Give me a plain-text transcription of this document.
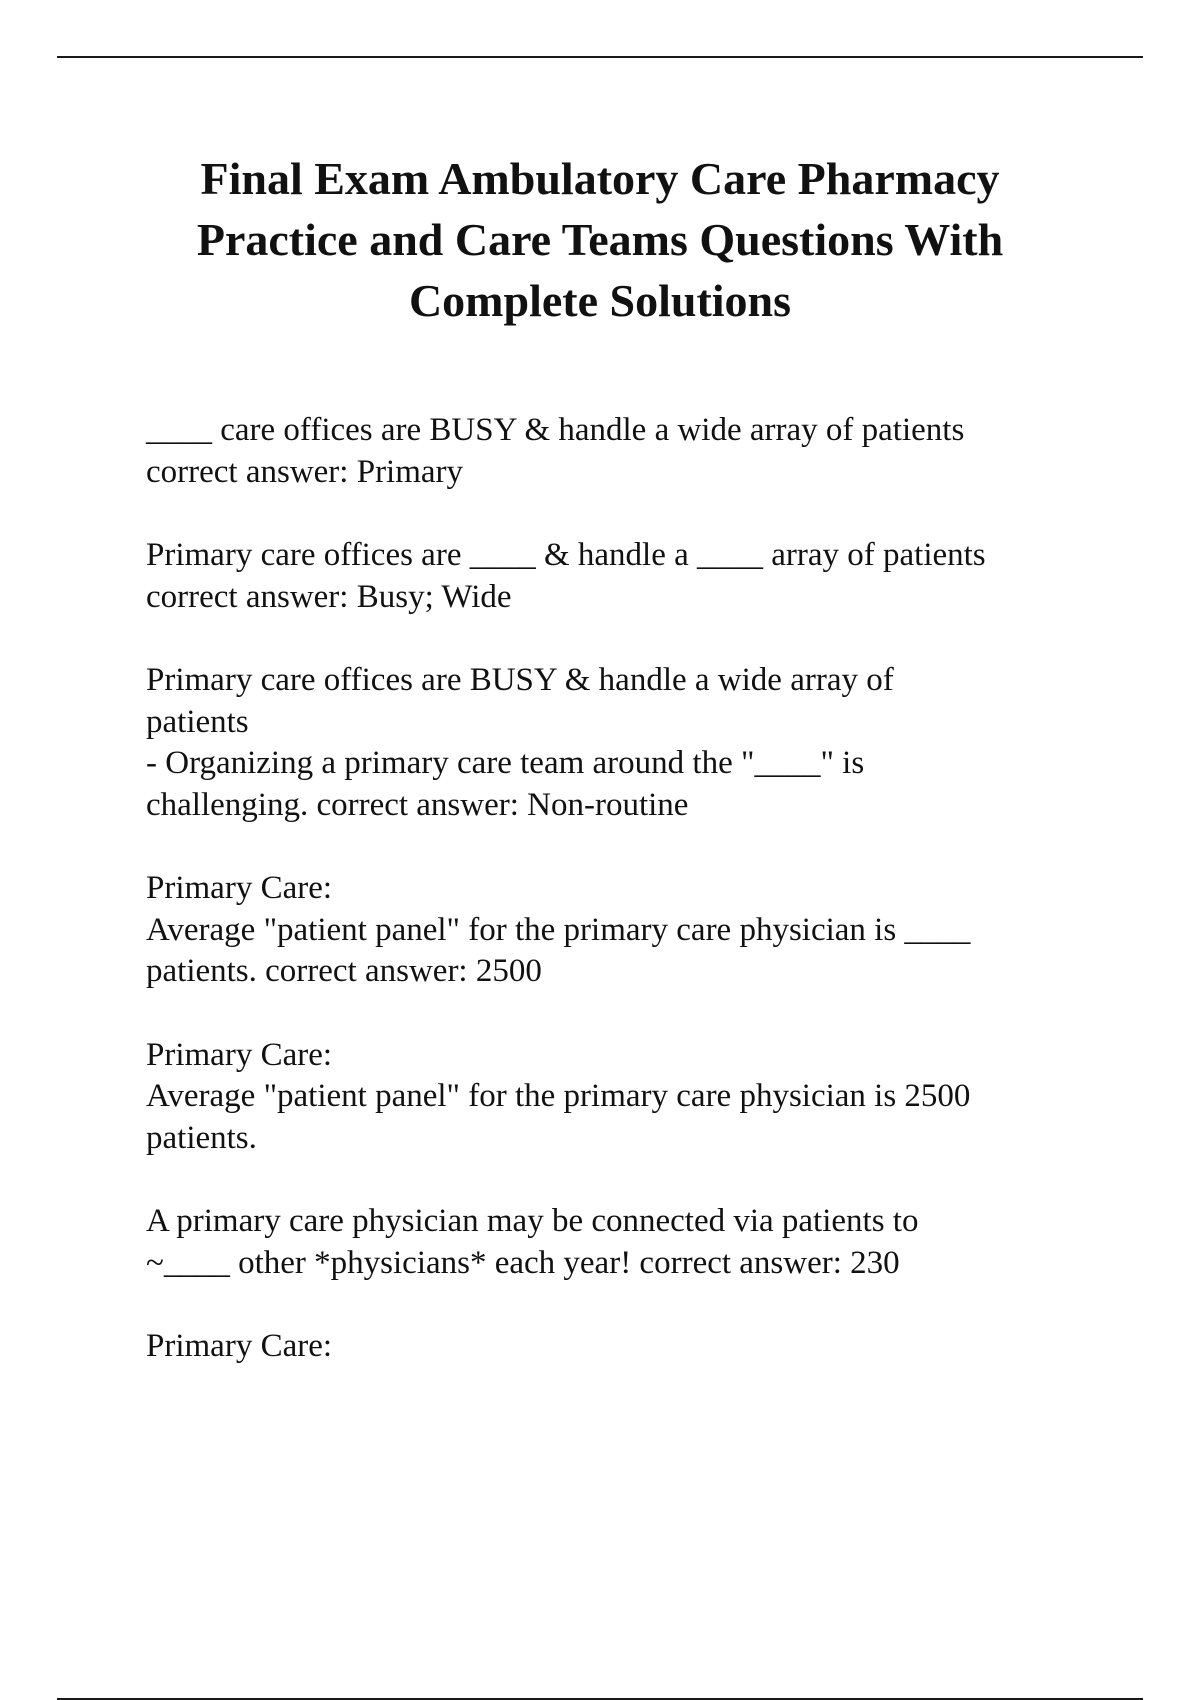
Final Exam Ambulatory Care Pharmacy
Practice and Care Teams Questions With
Complete Solutions

____ care offices are BUSY & handle a wide array of patients
correct answer: Primary

Primary care offices are ____ & handle a ____ array of patients
correct answer: Busy; Wide

Primary care offices are BUSY & handle a wide array of
patients
- Organizing a primary care team around the "____" is
challenging. correct answer: Non-routine

Primary Care:
Average "patient panel" for the primary care physician is ____
patients. correct answer: 2500

Primary Care:
Average "patient panel" for the primary care physician is 2500
patients.

A primary care physician may be connected via patients to
~____ other *physicians* each year! correct answer: 230

Primary Care:
